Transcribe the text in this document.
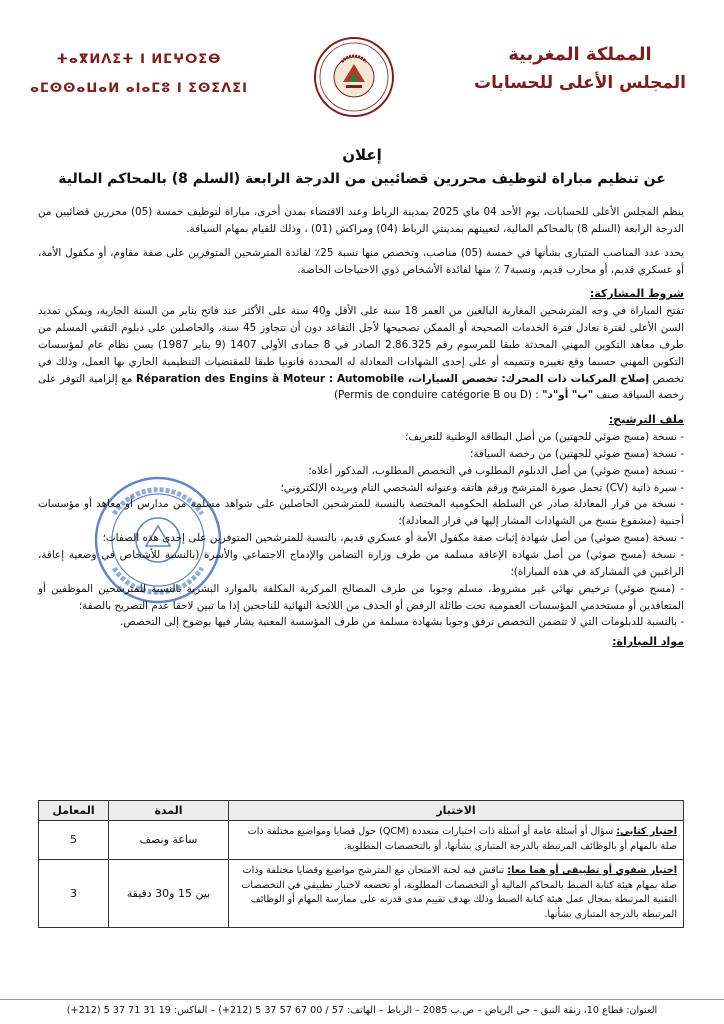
المملكة المغربية
المجلس الأعلى للحسابات
ⵜⴰⴳⵍⴷⵉⵜ ⵏ ⵍⵎⵖⵔⵉⴱ
ⴰⵎⵙⵙⴰⵡⴰⵍ ⴰⵏⴰⵎⵓ ⵏ ⵉⵙⵉⴷⵉⵏ
إعلان
عن تنظيم مباراة لتوظيف محررين قضائيين من الدرجة الرابعة (السلم 8) بالمحاكم المالية

ينظم المجلس الأعلى للحسابات، يوم الأحد 04 ماي 2025 بمدينة الرباط وعند الاقتضاء بمدن أخرى، مباراة لتوظيف خمسة (05) محررين قضائيين من الدرجة الرابعة (السلم 8) بالمحاكم المالية، لتعيينهم بمدينتي الرباط (04) ومراكش (01) ، وذلك للقيام بمهام السياقة.

يحدد عدد المناصب المتبارى بشأنها في خمسة (05) مناصب، وتخصص منها نسبة 25٪ لفائدة المترشحين المتوفرين على صفة مقاوم، أو مكفول الأمة، أو عسكري قديم، أو محارب قديم، ونسبة7 ٪ منها لفائدة الأشخاص ذوي الاحتياجات الخاصة.

شروط المشاركة:

تفتح المباراة في وجه المترشحين المغاربة البالغين من العمر 18 سنة على الأقل و40 سنة على الأكثر عند فاتح يناير من السنة الجارية، ويمكن تمديد السن الأعلى لفترة تعادل فترة الخدمات الصحيحة أو الممكن تصحيحها لأجل التقاعد دون أن تتجاوز 45 سنة، والحاصلين على دبلوم التقني المسلم من طرف معاهد التكوين المهني المحدثة طبقا للمرسوم رقم 2.86.325 الصادر في 8 جمادى الأولى 1407 (9 يناير 1987) بسن نظام عام لمؤسسات التكوين المهني حسبما وقع تغييره وتتميمه أو على إحدى الشهادات المعادلة له المحددة قانونيا طبقا للمقتضيات التنظيمية الجاري بها العمل، وذلك في تخصص إصلاح المركبات ذات المحرك: تخصص السيارات، Réparation des Engins à Moteur : Automobile مع إلزامية التوفر على رخصة السياقة صنف "ب" أو"د" (Permis de conduire catégorie B ou D) :

ملف الترشيح:
- نسخة (مسح ضوئي للجهتين) من أصل البطاقة الوطنية للتعريف؛
- نسخة (مسح ضوئي للجهتين) من رخصة السياقة؛
- نسخة (مسح ضوئي) من أصل الدبلوم المطلوب في التخصص المطلوب، المذكور أعلاه؛
- سيرة ذاتية (CV) تحمل صورة المترشح ورقم هاتفه وعنوانه الشخصي التام وبريده الإلكتروني؛
- نسخة من قرار المعادلة صادر عن السلطة الحكومية المختصة بالنسبة للمترشحين الحاصلين على شواهد مسلمة من مدارس أو معاهد أو مؤسسات أجنبية (مشفوع بنسخ من الشهادات المشار إليها في قرار المعادلة)؛
- نسخة (مسح ضوئي) من أصل شهادة إثبات صفة مكفول الأمة أو عسكري قديم، بالنسبة للمترشحين المتوفرين على إحدى هذه الصفات؛
- نسخة (مسح ضوئي) من أصل شهادة الإعاقة مسلمة من طرف وزارة التضامن والإدماج الاجتماعي والأسرة (بالنسبة للأشخاص في وضعية إعاقة، الراغبين في المشاركة في هذه المباراة)؛
- (مسح ضوئي) ترخيص نهائي غير مشروط، مسلم وجوبا من طرف المصالح المركزية المكلفة بالموارد البشرية بالنسبة للمترشحين الموظفين أو المتعاقدين أو مستخدمي المؤسسات العمومية تحت طائلة الرفض أو الحذف من اللائحة النهائية للناجحين إذا ما تبين لاحقا عدم التصريح بالصفة؛
- بالنسبة للدبلومات التي لا تتضمن التخصص ترفق وجوبا بشهادة مسلمة من طرف المؤسسة المعنية يشار فيها بوضوح إلى التخصص.
مواد المباراة:
الاختبار	المدة	المعامل
اختبار كتابي: سؤال أو أسئلة عامة أو أسئلة ذات اختيارات متعددة (QCM) حول قضايا ومواضيع مختلفة ذات صلة بالمهام أو بالوظائف المرتبطة بالدرجة المتبارى بشأنها، أو بالتخصصات المطلوبة.	ساعة ونصف	5
اختبار شفوي أو تطبيقي أو هما معا: تناقش فيه لجنة الامتحان مع المترشح مواضيع وقضايا مختلفة وذات صلة بمهام هيئة كتابة الضبط بالمحاكم المالية أو التخصصات المطلوبة، أو تخضعه لاختبار تطبيقي في التخصصات التقنية المرتبطة بمجال عمل هيئة كتابة الضبط وذلك بهدف تقييم مدى قدرته على ممارسة المهام أو الوظائف المرتبطة بالدرجة المتبارى بشأنها.	بين 15 و30 دقيقة	3
العنوان: قطاع 10، زنقة النبق – حي الرياض – ص.ب 2085 – الرباط – الهاتف: 57 / 00 67 57 37 5 (212+) – الفاكس: 19 31 71 37 5 (212+)
